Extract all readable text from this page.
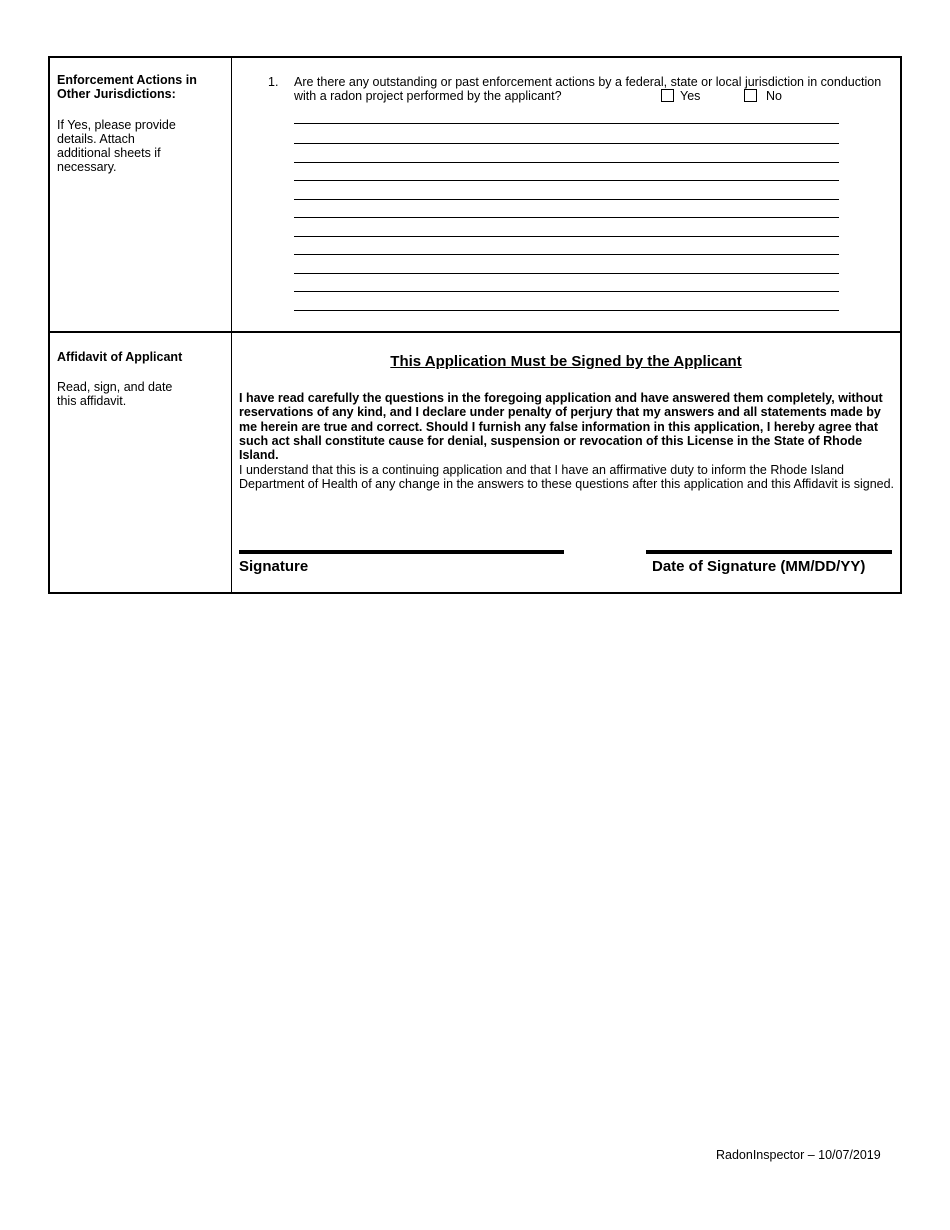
Enforcement Actions in Other Jurisdictions:
If Yes, please provide details. Attach additional sheets if necessary.
1. Are there any outstanding or past enforcement actions by a federal, state or local jurisdiction in conduction with a radon project performed by the applicant?	Yes	No
Affidavit of Applicant
Read, sign, and date this affidavit.
This Application Must be Signed by the Applicant
I have read carefully the questions in the foregoing application and have answered them completely, without reservations of any kind, and I declare under penalty of perjury that my answers and all statements made by me herein are true and correct. Should I furnish any false information in this application, I hereby agree that such act shall constitute cause for denial, suspension or revocation of this License in the State of Rhode Island.
I understand that this is a continuing application and that I have an affirmative duty to inform the Rhode Island Department of Health of any change in the answers to these questions after this application and this Affidavit is signed.
Signature	Date of Signature (MM/DD/YY)
RadonInspector – 10/07/2019
